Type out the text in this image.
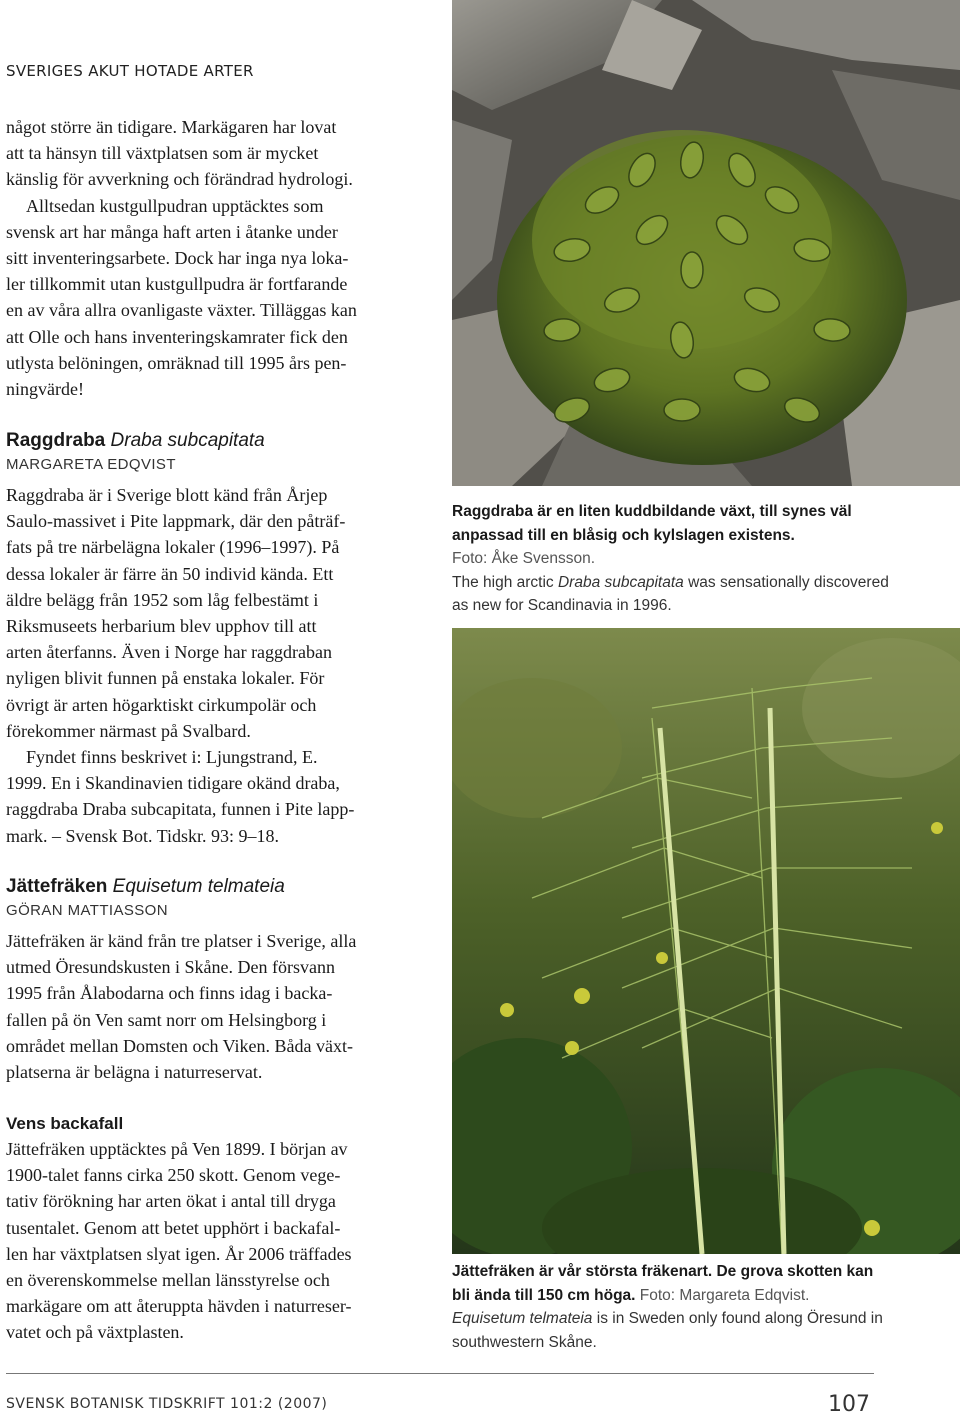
SVERIGES AKUT HOTADE ARTER
något större än tidigare. Markägaren har lovat
att ta hänsyn till växtplatsen som är mycket
känslig för avverkning och förändrad hydrologi.
Alltsedan kustgullpudran upptäcktes som
svensk art har många haft arten i åtanke under
sitt inventeringsarbete. Dock har inga nya loka-
ler tillkommit utan kustgullpudra är fortfarande
en av våra allra ovanligaste växter. Tilläggas kan
att Olle och hans inventeringskamrater fick den
utlysta belöningen, omräknad till 1995 års pen-
ningvärde!
Raggdraba Draba subcapitata
MARGARETA EDQVIST
Raggdraba är i Sverige blott känd från Årjep
Saulo-massivet i Pite lappmark, där den påträf-
fats på tre närbelägna lokaler (1996–1997). På
dessa lokaler är färre än 50 individ kända. Ett
äldre belägg från 1952 som låg felbestämt i
Riksmuseets herbarium blev upphov till att
arten återfanns. Även i Norge har raggdraban
nyligen blivit funnen på enstaka lokaler. För
övrigt är arten högarktiskt cirkumpolär och
förekommer närmast på Svalbard.
Fyndet finns beskrivet i: Ljungstrand, E.
1999. En i Skandinavien tidigare okänd draba,
raggdraba Draba subcapitata, funnen i Pite lapp-
mark. – Svensk Bot. Tidskr. 93: 9–18.
Jättefräken Equisetum telmateia
GÖRAN MATTIASSON
Jättefräken är känd från tre platser i Sverige, alla
utmed Öresundskusten i Skåne. Den försvann
1995 från Ålabodarna och finns idag i backa-
fallen på ön Ven samt norr om Helsingborg i
området mellan Domsten och Viken. Båda växt-
platserna är belägna i naturreservat.
Vens backafall
Jättefräken upptäcktes på Ven 1899. I början av
1900-talet fanns cirka 250 skott. Genom vege-
tativ förökning har arten ökat i antal till dryga
tusentalet. Genom att betet upphört i backafal-
len har växtplatsen slyat igen. År 2006 träffades
en överenskommelse mellan länsstyrelse och
markägare om att återuppta hävden i naturreser-
vatet och på växtplasten.
Raggdraba är en liten kuddbildande växt, till synes väl anpassad till en blåsig och kylslagen existens.
Foto: Åke Svensson.
The high arctic Draba subcapitata was sensationally discovered as new for Scandinavia in 1996.
Jättefräken är vår största fräkenart. De grova skotten kan bli ända till 150 cm höga. Foto: Margareta Edqvist.
Equisetum telmateia is in Sweden only found along Öresund in southwestern Skåne.
SVENSK BOTANISK TIDSKRIFT 101:2 (2007)	107
